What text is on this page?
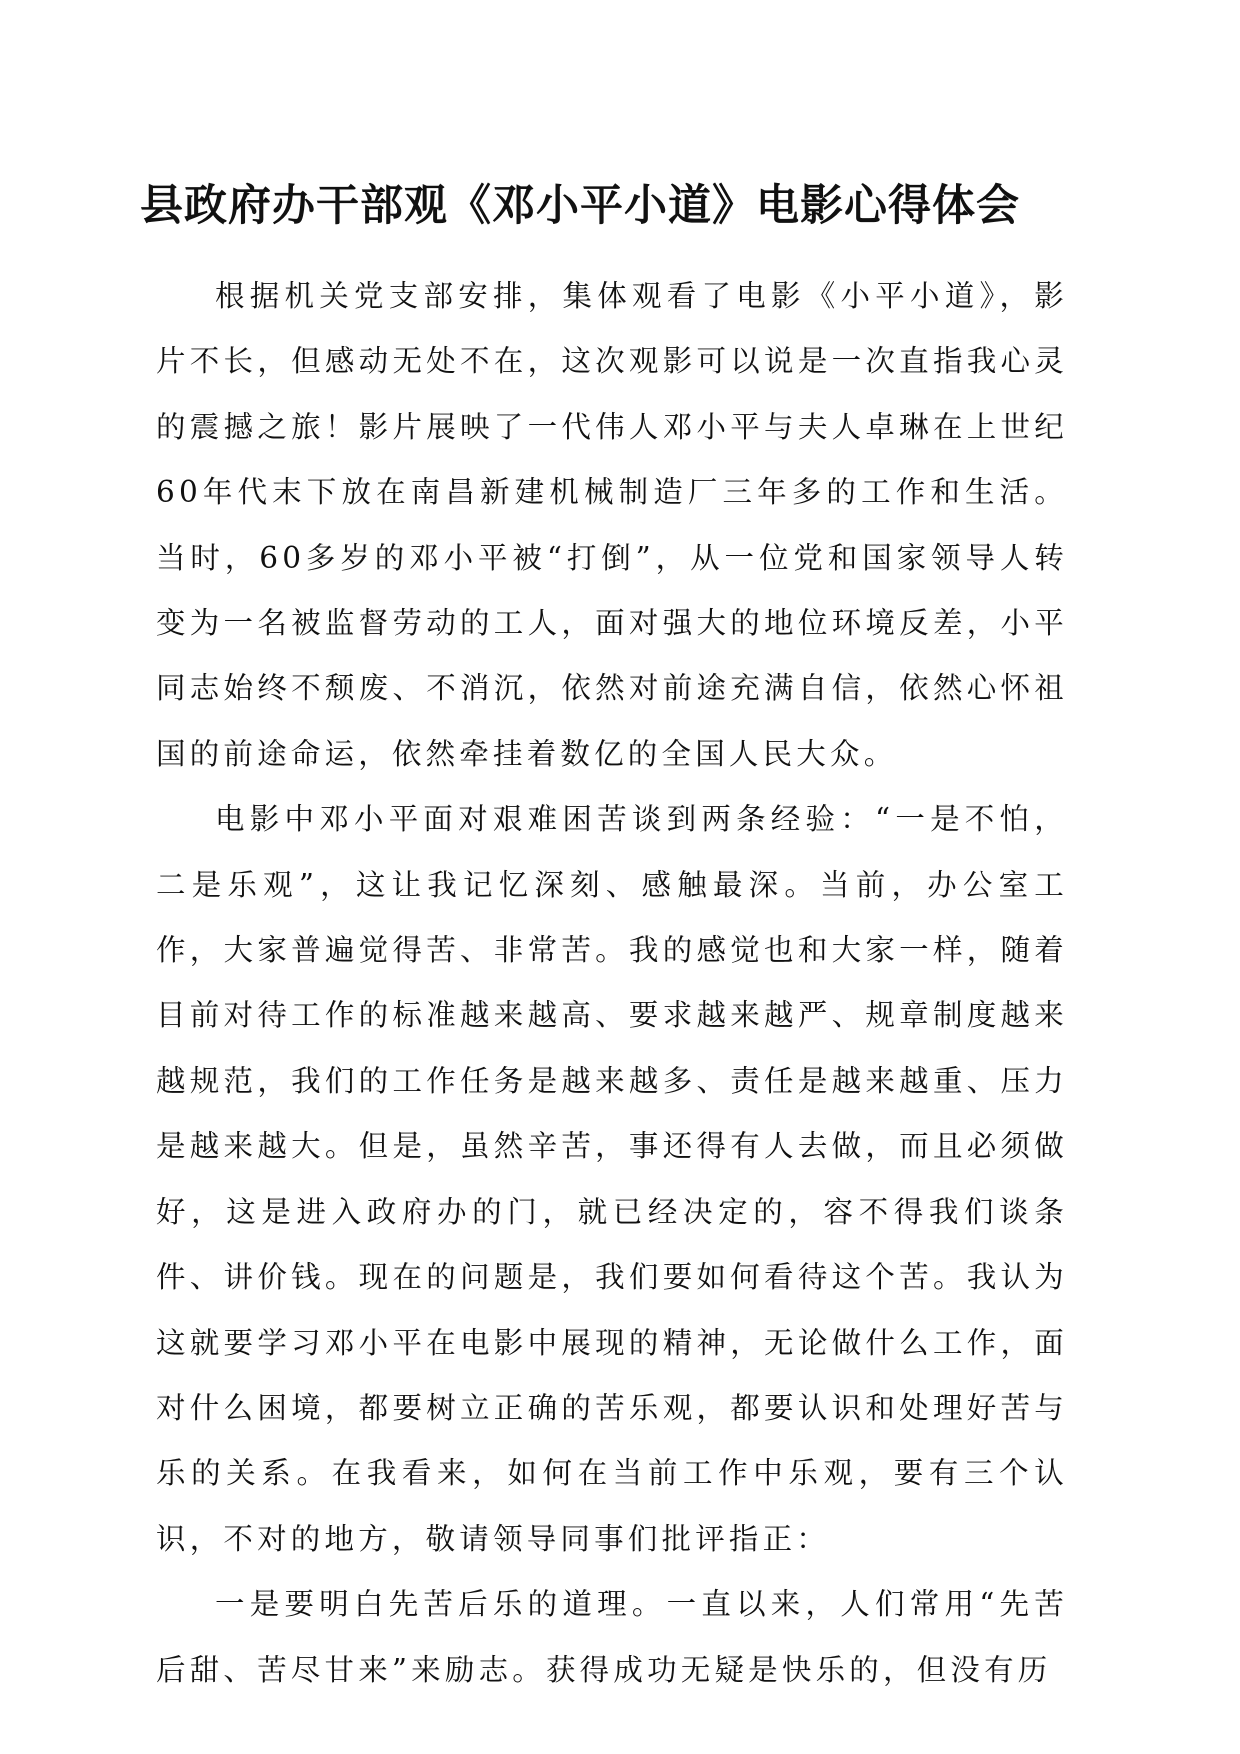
县政府办干部观《邓小平小道》电影心得体会

根据机关党支部安排，集体观看了电影《小平小道》，影片不长，但感动无处不在，这次观影可以说是一次直指我心灵的震撼之旅！影片展映了一代伟人邓小平与夫人卓琳在上世纪60年代末下放在南昌新建机械制造厂三年多的工作和生活。当时，60多岁的邓小平被“打倒”，从一位党和国家领导人转变为一名被监督劳动的工人，面对强大的地位环境反差，小平同志始终不颓废、不消沉，依然对前途充满自信，依然心怀祖国的前途命运，依然牵挂着数亿的全国人民大众。

电影中邓小平面对艰难困苦谈到两条经验：“一是不怕，二是乐观”，这让我记忆深刻、感触最深。当前，办公室工作，大家普遍觉得苦、非常苦。我的感觉也和大家一样，随着目前对待工作的标准越来越高、要求越来越严、规章制度越来越规范，我们的工作任务是越来越多、责任是越来越重、压力是越来越大。但是，虽然辛苦，事还得有人去做，而且必须做好，这是进入政府办的门，就已经决定的，容不得我们谈条件、讲价钱。现在的问题是，我们要如何看待这个苦。我认为这就要学习邓小平在电影中展现的精神，无论做什么工作，面对什么困境，都要树立正确的苦乐观，都要认识和处理好苦与乐的关系。在我看来，如何在当前工作中乐观，要有三个认识，不对的地方，敬请领导同事们批评指正：

一是要明白先苦后乐的道理。一直以来，人们常用“先苦后甜、苦尽甘来”来励志。获得成功无疑是快乐的，但没有历
